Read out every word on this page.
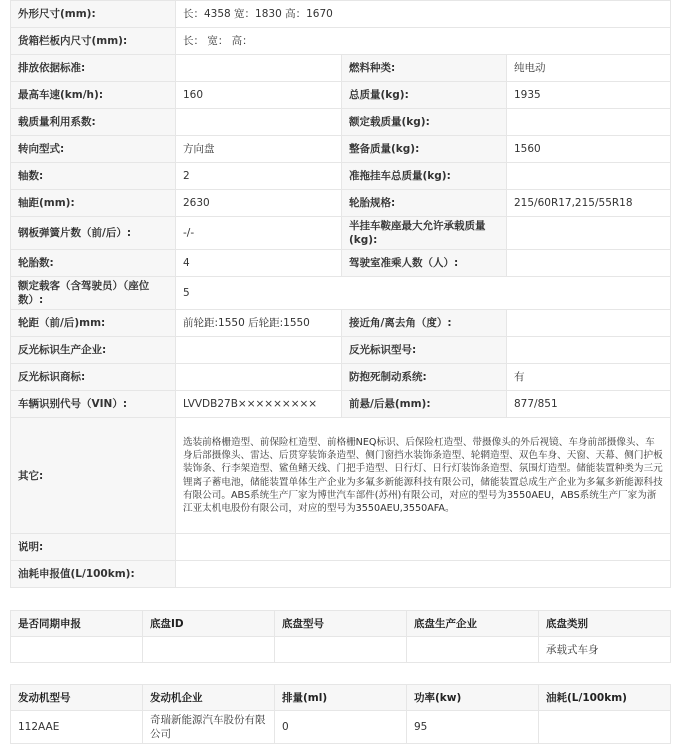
外形尺寸(mm):	长：4358 宽：1830 高：1670		
货箱栏板内尺寸(mm):	长： 宽： 高：		
排放依据标准:		燃料种类:	纯电动
最高车速(km/h):	160	总质量(kg):	1935
载质量利用系数:		额定载质量(kg):	
转向型式:	方向盘	整备质量(kg):	1560
轴数:	2	准拖挂车总质量(kg):	
轴距(mm):	2630	轮胎规格:	215/60R17,215/55R18
钢板弹簧片数（前/后）:	-/-	半挂车鞍座最大允许承载质量(kg):	
轮胎数:	4	驾驶室准乘人数（人）:	
额定载客（含驾驶员）（座位数）:	5		
轮距（前/后)mm:	前轮距:1550 后轮距:1550	接近角/离去角（度）:	
反光标识生产企业:		反光标识型号:	
反光标识商标:		防抱死制动系统:	有
车辆识别代号（VIN）:	LVVDB27B×××××××××	前悬/后悬(mm):	877/851
其它:	选装前格栅造型、前保险杠造型、前格栅NEQ标识、后保险杠造型、带摄像头的外后视镜、车身前部摄像头、车身后部摄像头、雷达、后贯穿装饰条造型、侧门窗挡水装饰条造型、轮辋造型、双色车身、天窗、天幕、侧门护板装饰条、行李架造型、鲨鱼鳍天线、门把手造型、日行灯、日行灯装饰条造型、氛围灯造型。储能装置种类为三元锂离子蓄电池，储能装置单体生产企业为多氟多新能源科技有限公司，储能装置总成生产企业为多氟多新能源科技有限公司。ABS系统生产厂家为博世汽车部件(苏州)有限公司，对应的型号为3550AEU，ABS系统生产厂家为浙江亚太机电股份有限公司，对应的型号为3550AEU,3550AFA。		
说明:			
油耗申报值(L/100km):			
是否同期申报	底盘ID	底盘型号	底盘生产企业	底盘类别
				承载式车身
发动机型号	发动机企业	排量(ml)	功率(kw)	油耗(L/100km)
112AAE	奇瑞新能源汽车股份有限公司	0	95	
